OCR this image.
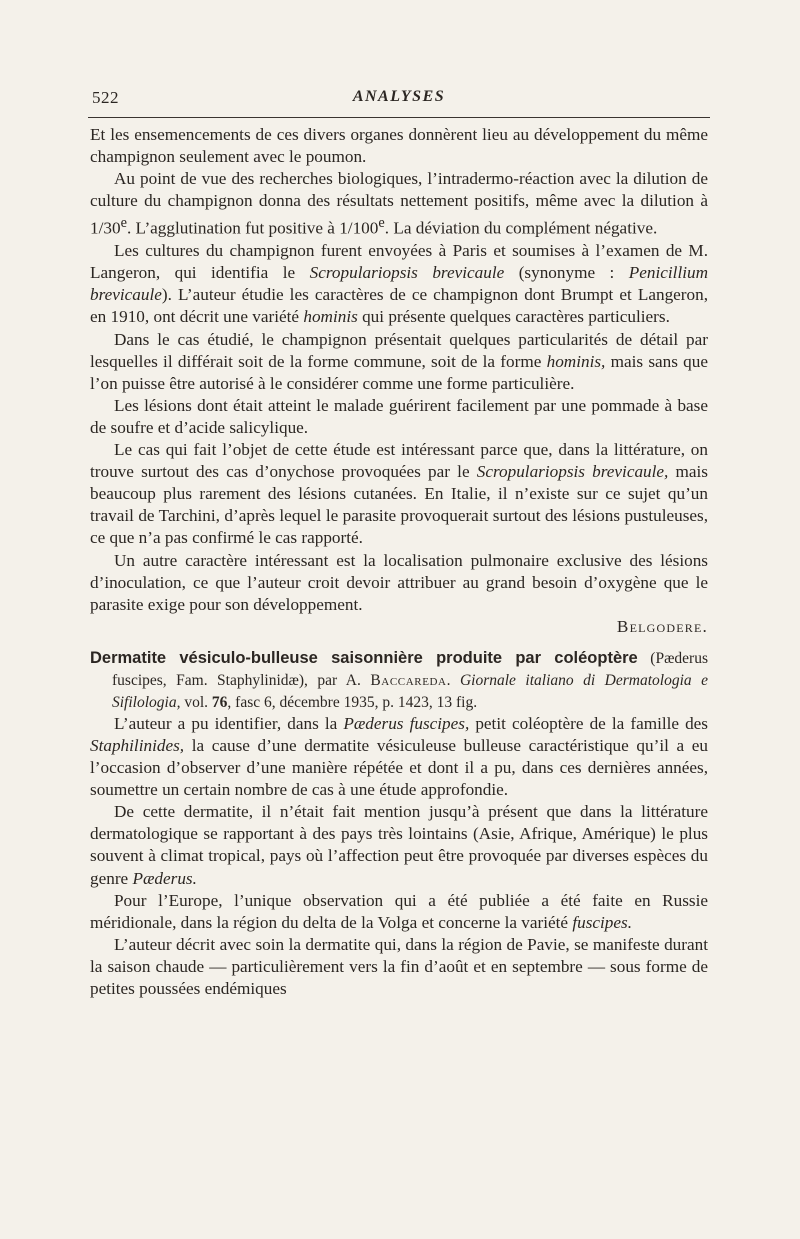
522	ANALYSES

Et les ensemencements de ces divers organes donnèrent lieu au développement du même champignon seulement avec le poumon.

Au point de vue des recherches biologiques, l’intradermo-réaction avec la dilution de culture du champignon donna des résultats nettement positifs, même avec la dilution à 1/30e. L’agglutination fut positive à 1/100e. La déviation du complément négative.

Les cultures du champignon furent envoyées à Paris et soumises à l’examen de M. Langeron, qui identifia le Scropulariopsis brevicaule (synonyme : Penicillium brevicaule). L’auteur étudie les caractères de ce champignon dont Brumpt et Langeron, en 1910, ont décrit une variété hominis qui présente quelques caractères particuliers.

Dans le cas étudié, le champignon présentait quelques particularités de détail par lesquelles il différait soit de la forme commune, soit de la forme hominis, mais sans que l’on puisse être autorisé à le considérer comme une forme particulière.

Les lésions dont était atteint le malade guérirent facilement par une pommade à base de soufre et d’acide salicylique.

Le cas qui fait l’objet de cette étude est intéressant parce que, dans la littérature, on trouve surtout des cas d’onychose provoquées par le Scropulariopsis brevicaule, mais beaucoup plus rarement des lésions cutanées. En Italie, il n’existe sur ce sujet qu’un travail de Tarchini, d’après lequel le parasite provoquerait surtout des lésions pustuleuses, ce que n’a pas confirmé le cas rapporté.

Un autre caractère intéressant est la localisation pulmonaire exclusive des lésions d’inoculation, ce que l’auteur croit devoir attribuer au grand besoin d’oxygène que le parasite exige pour son développement.

Belgodere.

Dermatite vésiculo-bulleuse saisonnière produite par coléoptère (Pæderus fuscipes, Fam. Staphylinidæ), par A. Baccareda. Giornale italiano di Dermatologia e Sifilologia, vol. 76, fasc 6, décembre 1935, p. 1423, 13 fig.

L’auteur a pu identifier, dans la Pæderus fuscipes, petit coléoptère de la famille des Staphilinides, la cause d’une dermatite vésiculeuse bulleuse caractéristique qu’il a eu l’occasion d’observer d’une manière répétée et dont il a pu, dans ces dernières années, soumettre un certain nombre de cas à une étude approfondie.

De cette dermatite, il n’était fait mention jusqu’à présent que dans la littérature dermatologique se rapportant à des pays très lointains (Asie, Afrique, Amérique) le plus souvent à climat tropical, pays où l’affection peut être provoquée par diverses espèces du genre Pæderus.

Pour l’Europe, l’unique observation qui a été publiée a été faite en Russie méridionale, dans la région du delta de la Volga et concerne la variété fuscipes.

L’auteur décrit avec soin la dermatite qui, dans la région de Pavie, se manifeste durant la saison chaude — particulièrement vers la fin d’août et en septembre — sous forme de petites poussées endémiques
